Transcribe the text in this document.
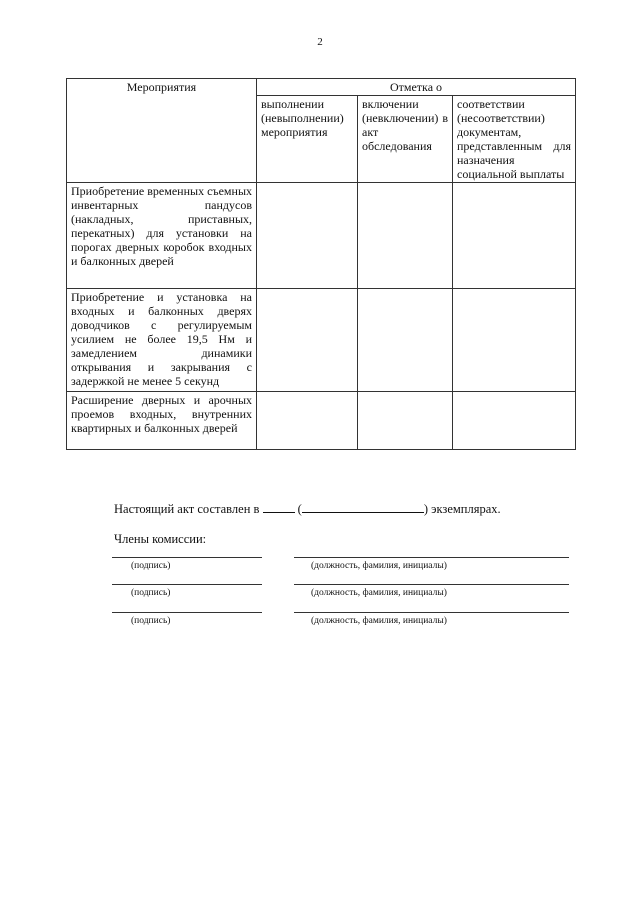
2
Мероприятия	Отметка о		
	выполнении (невыполнении) мероприятия	включении (невключении) в акт обследования	соответствии (несоответствии) документам, представленным для назначения социальной выплаты
Приобретение временных съемных инвентарных пандусов (накладных, приставных, перекатных) для установки на порогах дверных коробок входных и балконных дверей			
Приобретение и установка на входных и балконных дверях доводчиков с регулируемым усилием не более 19,5 Нм и замедлением динамики открывания и закрывания с задержкой не менее 5 секунд			
Расширение дверных и арочных проемов входных, внутренних квартирных и балконных дверей			
Настоящий акт составлен в	(	) экземплярах.
Члены комиссии:
(подпись)	(должность, фамилия, инициалы)
(подпись)	(должность, фамилия, инициалы)
(подпись)	(должность, фамилия, инициалы)
